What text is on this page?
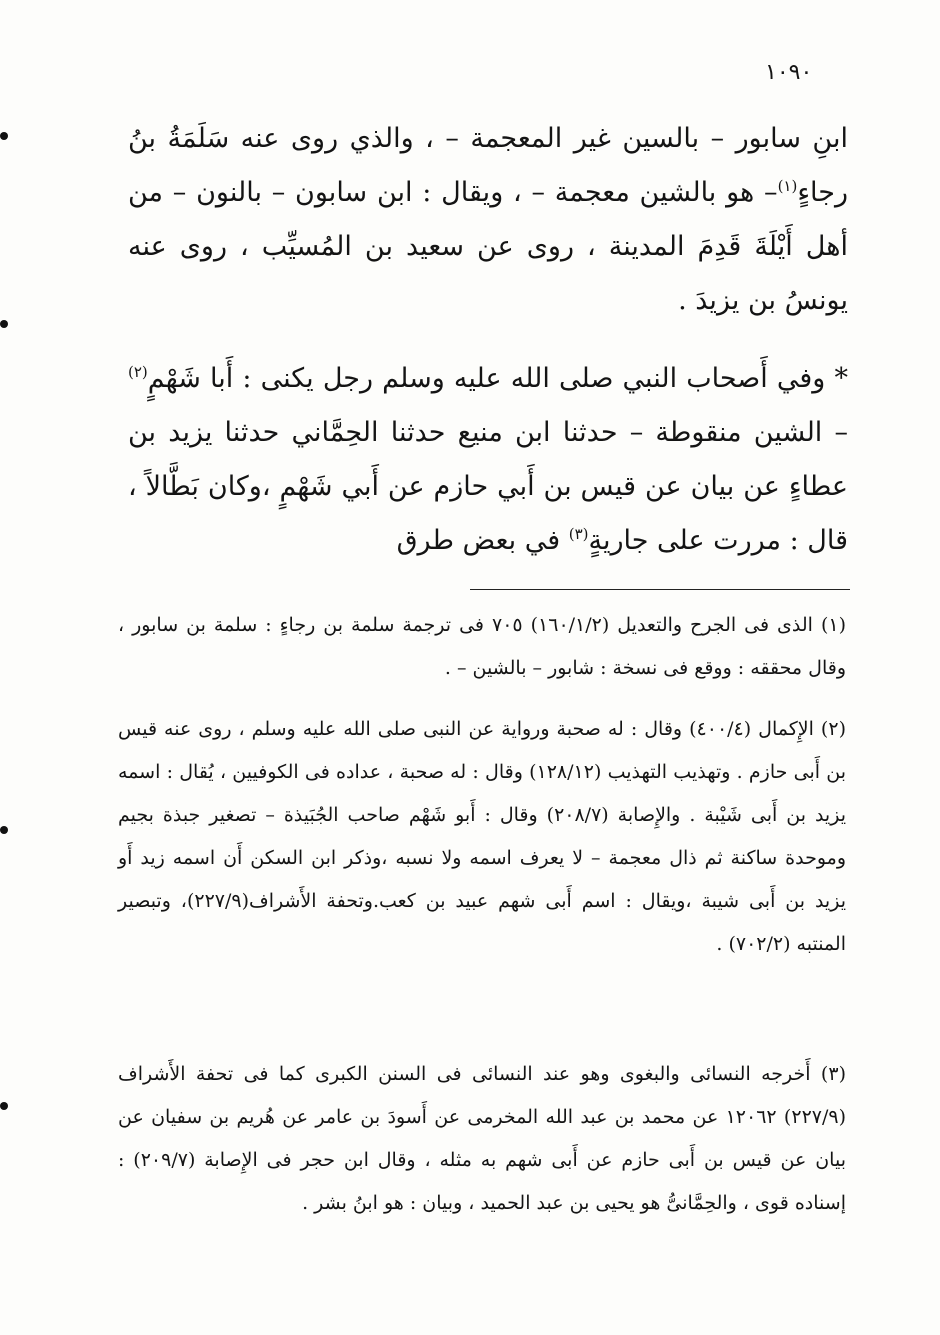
١٠٩٠

ابنِ سابور – بالسين غير المعجمة – ، والذي روى عنه سَلَمَةُ بنُ رجاءٍ$^{(١)}$– هو بالشين معجمة – ، ويقال : ابن سابون – بالنون – من أهل أَيْلَةَ قَدِمَ المدينة ، روى عن سعيد بن المُسيِّب ، روى عنه يونسُ بن يزيدَ .

* وفي أَصحاب النبي صلى الله عليه وسلم رجل يكنى : أَبا شَهْمٍ$^{(٢)}$ – الشين منقوطة – حدثنا ابن منيع حدثنا الحِمَّاني حدثنا يزيد بن عطاءٍ عن بيان عن قيس بن أَبي حازم عن أَبي شَهْمٍ ،وكان بَطَّالاً ، قال : مررت على جاريةٍ$^{(٣)}$ في بعض طرق

(١) الذى فى الجرح والتعديل (١٦٠/١/٢) ٧٠٥ فى ترجمة سلمة بن رجاءٍ : سلمة بن سابور ، وقال محققه : ووقع فى نسخة : شابور – بالشين – .

(٢) الإِكمال (٤٠٠/٤) وقال : له صحبة ورواية عن النبى صلى الله عليه وسلم ، روى عنه قيس بن أَبى حازم . وتهذيب التهذيب (١٢٨/١٢) وقال : له صحبة ، عداده فى الكوفيين ، يُقال : اسمه يزيد بن أَبى شَيْبة . والإِصابة (٢٠٨/٧) وقال : أَبو شَهْم صاحب الجُبَيذة – تصغير جبذة بجيم وموحدة ساكنة ثم ذال معجمة – لا يعرف اسمه ولا نسبه ،وذكر ابن السكن أَن اسمه زيد أَو يزيد بن أَبى شيبة ،ويقال : اسم أَبى شهم عبيد بن كعب.وتحفة الأَشراف(٢٢٧/٩)، وتبصير المنتبه (٧٠٢/٢) .

(٣) أَخرجه النسائى والبغوى وهو عند النسائى فى السنن الكبرى كما فى تحفة الأَشراف (٢٢٧/٩) ١٢٠٦٢ عن محمد بن عبد الله المخرمى عن أَسودَ بن عامر عن هُريم بن سفيان عن بيان عن قيس بن أَبى حازم عن أَبى شهم به مثله ، وقال ابن حجر فى الإِصابة (٢٠٩/٧) : إسناده قوى ، والحِمَّانىُّ هو يحيى بن عبد الحميد ، وبيان : هو ابنُ بشر .
